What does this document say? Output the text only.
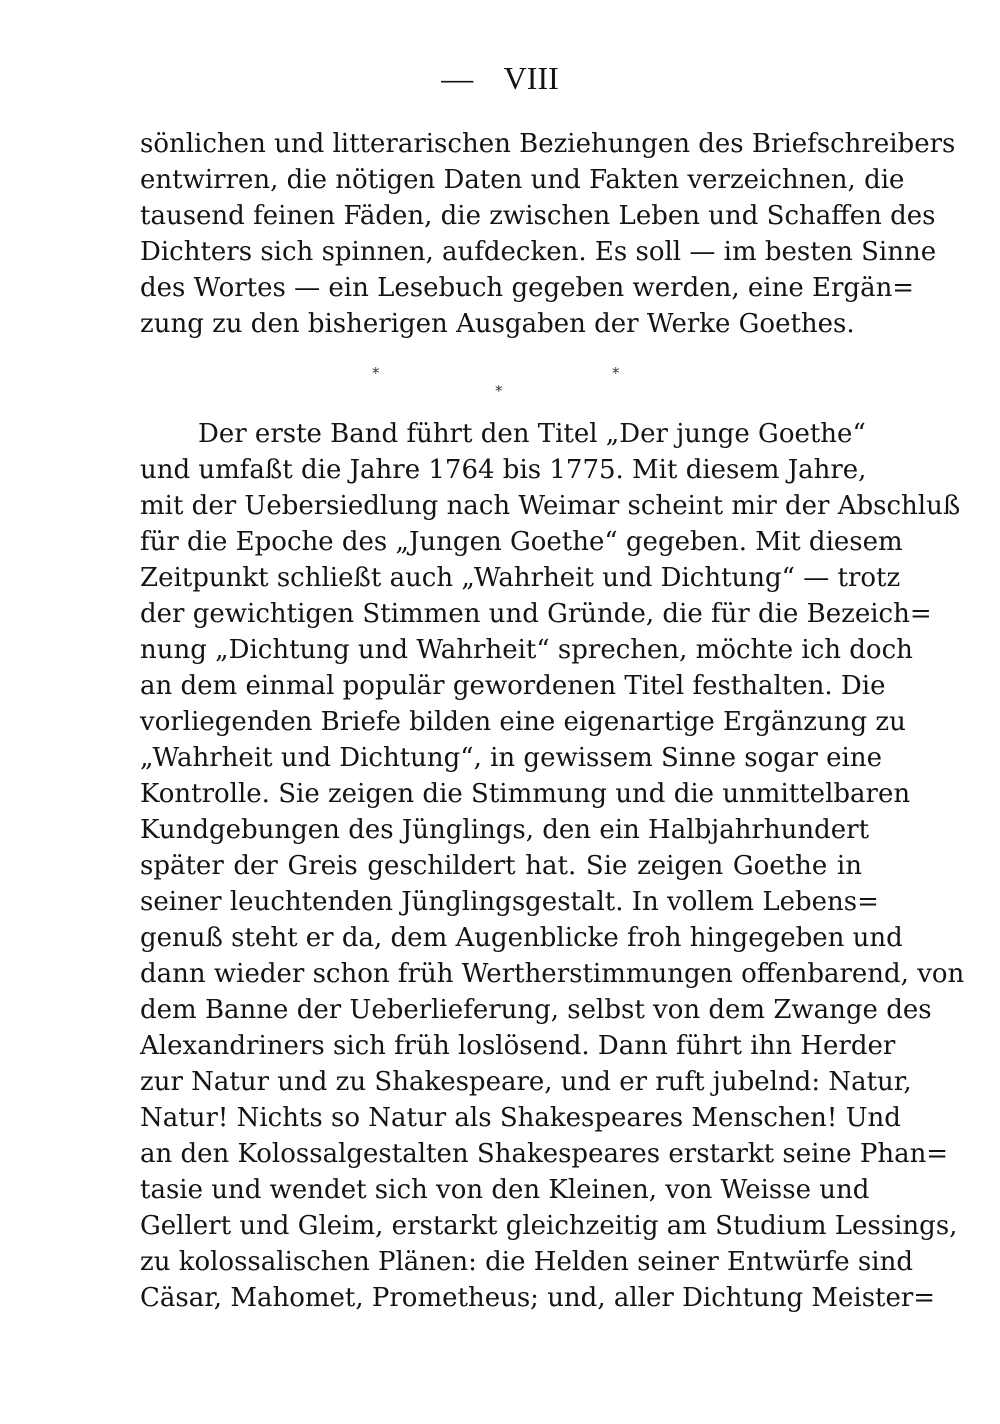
— VIII
sönlichen und litterarischen Beziehungen des Briefschreibers
entwirren, die nötigen Daten und Fakten verzeichnen, die
tausend feinen Fäden, die zwischen Leben und Schaffen des
Dichters sich spinnen, aufdecken. Es soll — im besten Sinne
des Wortes — ein Lesebuch gegeben werden, eine Ergän=
zung zu den bisherigen Ausgaben der Werke Goethes.
*
*
*
Der erste Band führt den Titel „Der junge Goethe“
und umfaßt die Jahre 1764 bis 1775. Mit diesem Jahre,
mit der Uebersiedlung nach Weimar scheint mir der Abschluß
für die Epoche des „Jungen Goethe“ gegeben. Mit diesem
Zeitpunkt schließt auch „Wahrheit und Dichtung“ — trotz
der gewichtigen Stimmen und Gründe, die für die Bezeich=
nung „Dichtung und Wahrheit“ sprechen, möchte ich doch
an dem einmal populär gewordenen Titel festhalten. Die
vorliegenden Briefe bilden eine eigenartige Ergänzung zu
„Wahrheit und Dichtung“, in gewissem Sinne sogar eine
Kontrolle. Sie zeigen die Stimmung und die unmittelbaren
Kundgebungen des Jünglings, den ein Halbjahrhundert
später der Greis geschildert hat. Sie zeigen Goethe in
seiner leuchtenden Jünglingsgestalt. In vollem Lebens=
genuß steht er da, dem Augenblicke froh hingegeben und
dann wieder schon früh Wertherstimmungen offenbarend, von
dem Banne der Ueberlieferung, selbst von dem Zwange des
Alexandriners sich früh loslösend. Dann führt ihn Herder
zur Natur und zu Shakespeare, und er ruft jubelnd: Natur,
Natur! Nichts so Natur als Shakespeares Menschen! Und
an den Kolossalgestalten Shakespeares erstarkt seine Phan=
tasie und wendet sich von den Kleinen, von Weisse und
Gellert und Gleim, erstarkt gleichzeitig am Studium Lessings,
zu kolossalischen Plänen: die Helden seiner Entwürfe sind
Cäsar, Mahomet, Prometheus; und, aller Dichtung Meister=
